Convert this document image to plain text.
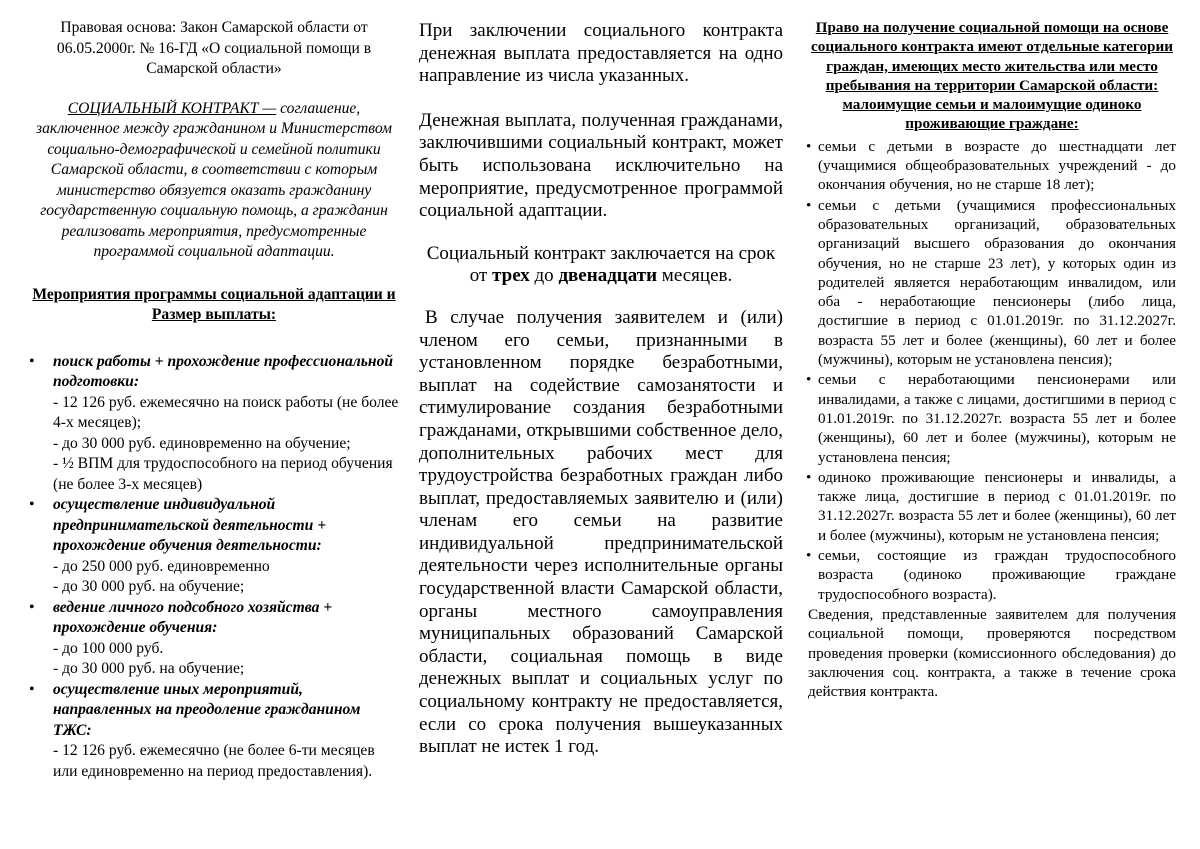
Правовая основа: Закон Самарской области от 06.05.2000г. № 16-ГД «О социальной помощи в Самарской области»

СОЦИАЛЬНЫЙ КОНТРАКТ — соглашение, заключенное между гражданином и Министерством социально-демографической и семейной политики Самарской области, в соответствии с которым министерство обязуется оказать гражданину государственную социальную помощь, а гражданин реализовать мероприятия, предусмотренные программой социальной адаптации.

Мероприятия программы социальной адаптации и Размер выплаты:

• поиск работы + прохождение профессиональной подготовки:
- 12 126 руб. ежемесячно на поиск работы (не более 4-х месяцев);
- до 30 000 руб. единовременно на обучение;
- ½ ВПМ для трудоспособного на период обучения (не более 3-х месяцев)
• осуществление индивидуальной предпринимательской деятельности + прохождение обучения деятельности:
- до 250 000 руб. единовременно
- до 30 000 руб. на обучение;
• ведение личного подсобного хозяйства + прохождение обучения:
- до 100 000 руб.
- до 30 000 руб. на обучение;
• осуществление иных мероприятий, направленных на преодоление гражданином ТЖС:
- 12 126 руб. ежемесячно (не более 6-ти месяцев или единовременно на период предоставления).

При заключении социального контракта денежная выплата предоставляется на одно направление из числа указанных.

Денежная выплата, полученная гражданами, заключившими социальный контракт, может быть использована исключительно на мероприятие, предусмотренное программой социальной адаптации.

Социальный контракт заключается на срок от трех до двенадцати месяцев.

В случае получения заявителем и (или) членом его семьи, признанными в установленном порядке безработными, выплат на содействие самозанятости и стимулирование создания безработными гражданами, открывшими собственное дело, дополнительных рабочих мест для трудоустройства безработных граждан либо выплат, предоставляемых заявителю и (или) членам его семьи на развитие индивидуальной предпринимательской деятельности через исполнительные органы государственной власти Самарской области, органы местного самоуправления муниципальных образований Самарской области, социальная помощь в виде денежных выплат и социальных услуг по социальному контракту не предоставляется, если со срока получения вышеуказанных выплат не истек 1 год.

Право на получение социальной помощи на основе социального контракта имеют отдельные категории граждан, имеющих место жительства или место пребывания на территории Самарской области: малоимущие семьи и малоимущие одиноко проживающие граждане:

• семьи с детьми в возрасте до шестнадцати лет (учащимися общеобразовательных учреждений - до окончания обучения, но не старше 18 лет);
• семьи с детьми (учащимися профессиональных образовательных организаций, образовательных организаций высшего образования до окончания обучения, но не старше 23 лет), у которых один из родителей является неработающим инвалидом, или оба - неработающие пенсионеры (либо лица, достигшие в период с 01.01.2019г. по 31.12.2027г. возраста 55 лет и более (женщины), 60 лет и более (мужчины), которым не установлена пенсия);
• семьи с неработающими пенсионерами или инвалидами, а также с лицами, достигшими в период с 01.01.2019г. по 31.12.2027г. возраста 55 лет и более (женщины), 60 лет и более (мужчины), которым не установлена пенсия;
• одиноко проживающие пенсионеры и инвалиды, а также лица, достигшие в период с 01.01.2019г. по 31.12.2027г. возраста 55 лет и более (женщины), 60 лет и более (мужчины), которым не установлена пенсия;
• семьи, состоящие из граждан трудоспособного возраста (одиноко проживающие граждане трудоспособного возраста).

Сведения, представленные заявителем для получения социальной помощи, проверяются посредством проведения проверки (комиссионного обследования) до заключения соц. контракта, а также в течение срока действия контракта.
